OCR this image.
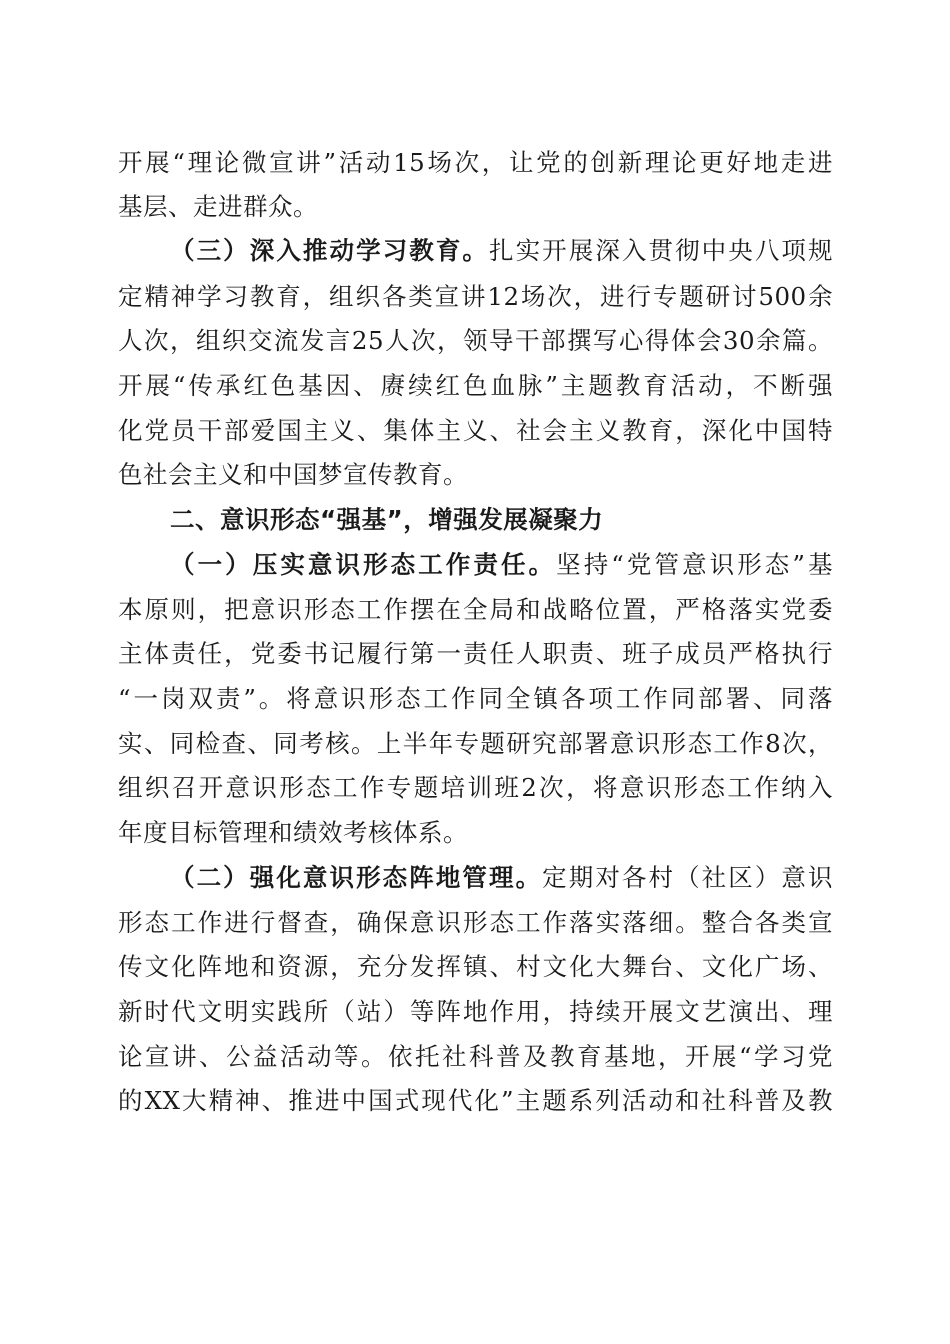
开展“理论微宣讲”活动15场次，让党的创新理论更好地走进
基层、走进群众。
（三）深入推动学习教育。扎实开展深入贯彻中央八项规
定精神学习教育，组织各类宣讲12场次，进行专题研讨500余
人次，组织交流发言25人次，领导干部撰写心得体会30余篇。
开展“传承红色基因、赓续红色血脉”主题教育活动，不断强
化党员干部爱国主义、集体主义、社会主义教育，深化中国特
色社会主义和中国梦宣传教育。
二、意识形态“强基”，增强发展凝聚力
（一）压实意识形态工作责任。坚持“党管意识形态”基
本原则，把意识形态工作摆在全局和战略位置，严格落实党委
主体责任，党委书记履行第一责任人职责、班子成员严格执行
“一岗双责”。将意识形态工作同全镇各项工作同部署、同落
实、同检查、同考核。上半年专题研究部署意识形态工作8次，
组织召开意识形态工作专题培训班2次，将意识形态工作纳入
年度目标管理和绩效考核体系。
（二）强化意识形态阵地管理。定期对各村（社区）意识
形态工作进行督查，确保意识形态工作落实落细。整合各类宣
传文化阵地和资源，充分发挥镇、村文化大舞台、文化广场、
新时代文明实践所（站）等阵地作用，持续开展文艺演出、理
论宣讲、公益活动等。依托社科普及教育基地，开展“学习党
的XX大精神、推进中国式现代化”主题系列活动和社科普及教
